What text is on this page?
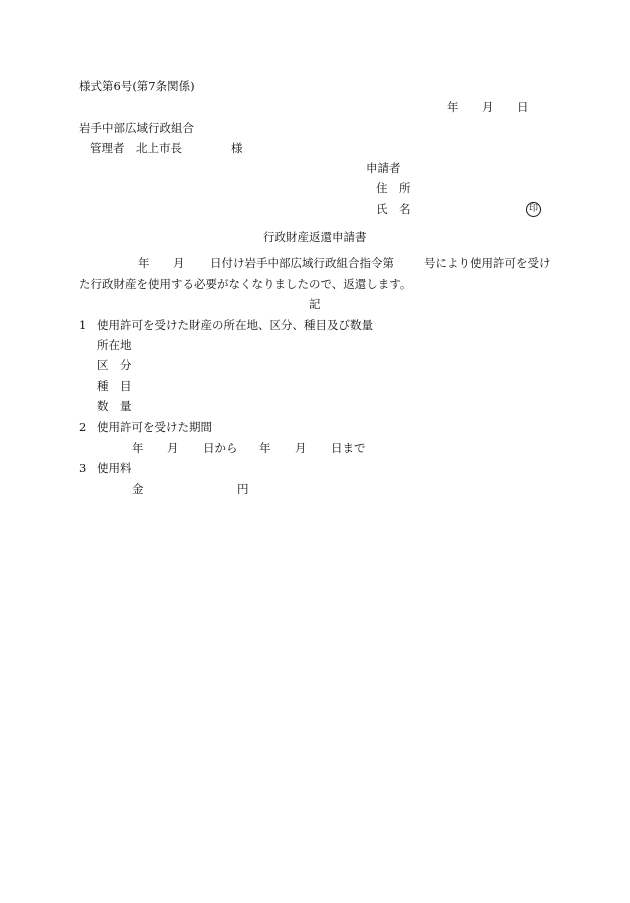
様式第6号(第7条関係)
年 月 日
岩手中部広域行政組合
管理者　北上市長	様
申請者
住　所
氏　名	印
行政財産返還申請書
年 月 日付け岩手中部広域行政組合指令第	号により使用許可を受け
た行政財産を使用する必要がなくなりましたので、返還します。
記
1 使用許可を受けた財産の所在地、区分、種目及び数量
所在地
区　分
種　目
数　量
2 使用許可を受けた期間
年 月 日から 年 月 日まで
3 使用料
金	円
